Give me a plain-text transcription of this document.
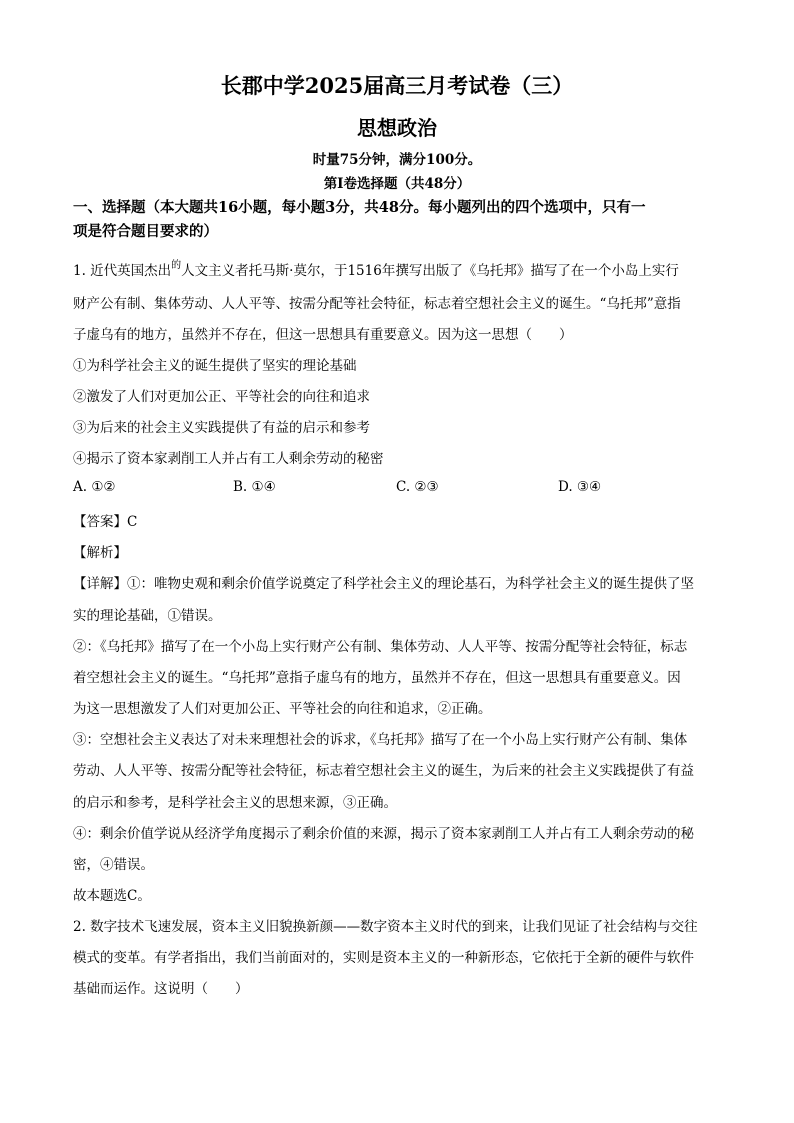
长郡中学2025届高三月考试卷（三）
思想政治
时量75分钟，满分100分。
第Ⅰ卷选择题（共48分）
一、选择题（本大题共16小题，每小题3分，共48分。每小题列出的四个选项中，只有一
项是符合题目要求的）
1. 近代英国杰出$^的$人文主义者托马斯·莫尔，于1516年撰写出版了《乌托邦》描写了在一个小岛上实行
财产公有制、集体劳动、人人平等、按需分配等社会特征，标志着空想社会主义的诞生。“乌托邦”意指
子虚乌有的地方，虽然并不存在，但这一思想具有重要意义。因为这一思想（　　）
①为科学社会主义的诞生提供了坚实的理论基础
②激发了人们对更加公正、平等社会的向往和追求
③为后来的社会主义实践提供了有益的启示和参考
④揭示了资本家剥削工人并占有工人剩余劳动的秘密
A. ①②	B. ①④	C. ②③	D. ③④
【答案】C
【解析】
【详解】①：唯物史观和剩余价值学说奠定了科学社会主义的理论基石，为科学社会主义的诞生提供了坚
实的理论基础，①错误。
②：《乌托邦》描写了在一个小岛上实行财产公有制、集体劳动、人人平等、按需分配等社会特征，标志
着空想社会主义的诞生。“乌托邦”意指子虚乌有的地方，虽然并不存在，但这一思想具有重要意义。因
为这一思想激发了人们对更加公正、平等社会的向往和追求，②正确。
③：空想社会主义表达了对未来理想社会的诉求，《乌托邦》描写了在一个小岛上实行财产公有制、集体
劳动、人人平等、按需分配等社会特征，标志着空想社会主义的诞生，为后来的社会主义实践提供了有益
的启示和参考，是科学社会主义的思想来源，③正确。
④：剩余价值学说从经济学角度揭示了剩余价值的来源，揭示了资本家剥削工人并占有工人剩余劳动的秘
密，④错误。
故本题选C。
2. 数字技术飞速发展，资本主义旧貌换新颜——数字资本主义时代的到来，让我们见证了社会结构与交往
模式的变革。有学者指出，我们当前面对的，实则是资本主义的一种新形态，它依托于全新的硬件与软件
基础而运作。这说明（　　）
